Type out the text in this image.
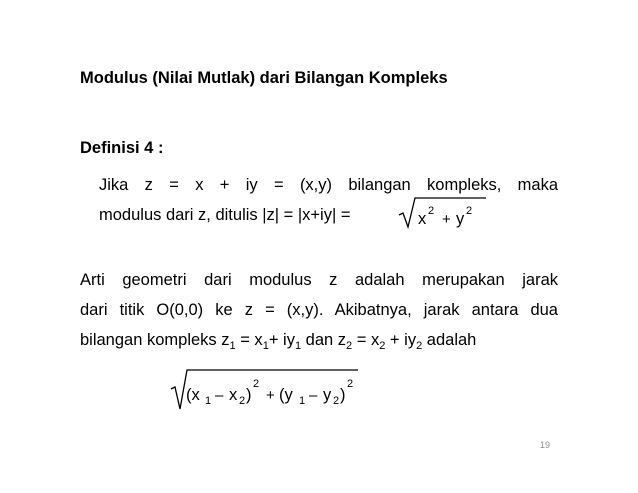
Modulus (Nilai Mutlak) dari Bilangan Kompleks
Definisi 4 :
Jika z = x + iy = (x,y) bilangan kompleks, maka
modulus dari z, ditulis |z| = |x+iy| =	x 2 + y 2
Arti geometri dari modulus z adalah merupakan jarak
dari titik O(0,0) ke z = (x,y). Akibatnya, jarak antara dua
bilangan kompleks $z_1 = x_1+ iy_1$ dan $z_2 = x_2 + iy_2$ adalah
(x 1 – x 2 )
2
+ (y 1 – y 2 )
2
19
